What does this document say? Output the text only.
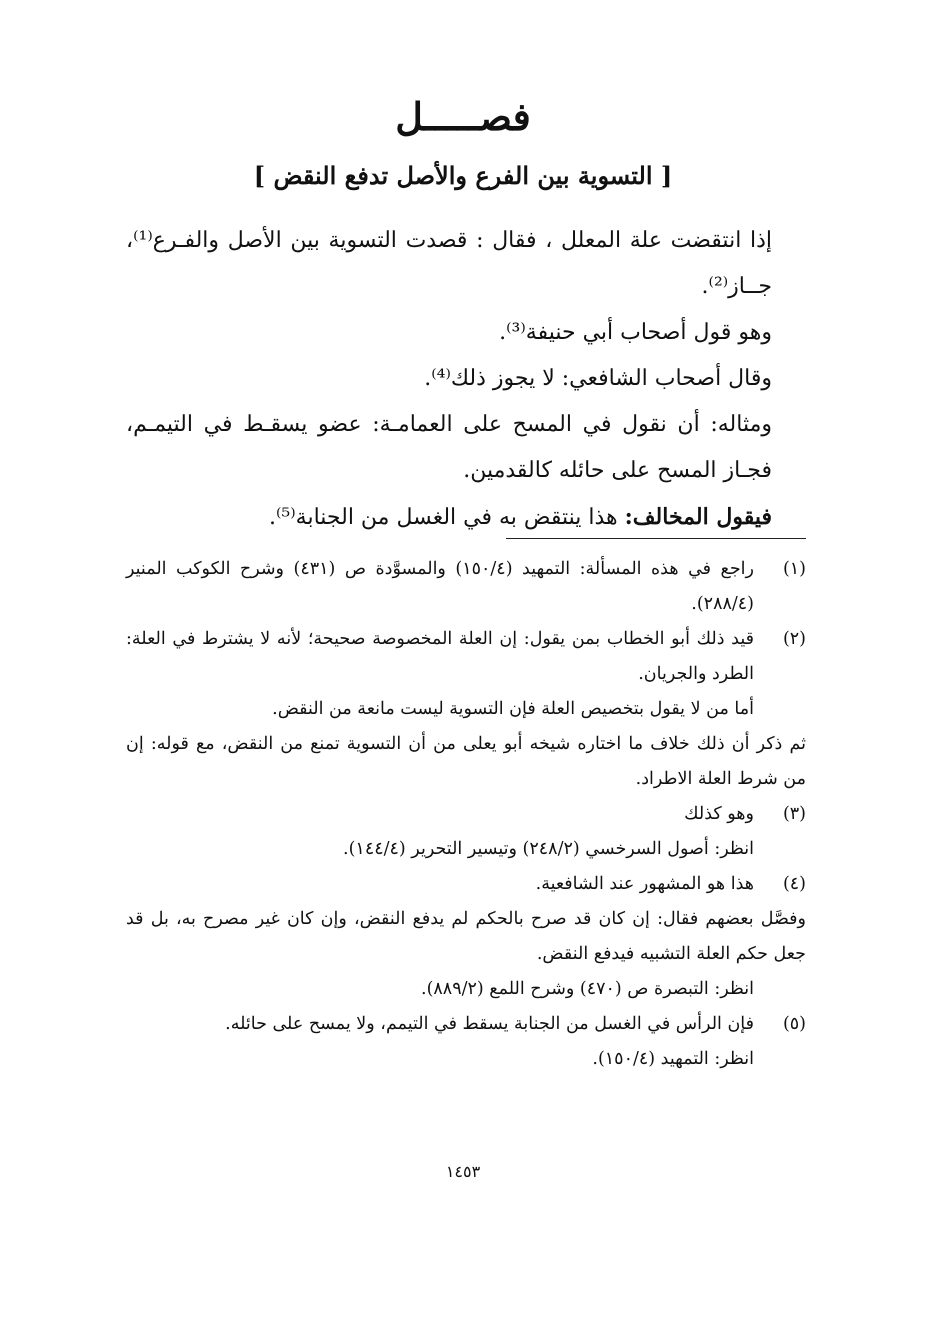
فصـــــل
[ التسوية بين الفرع والأصل تدفع النقض ]

إذا انتقضت علة المعلل ، فقال : قصدت التسوية بين الأصل والفـرع⁽¹⁾، جــاز⁽²⁾.

وهو قول أصحاب أبي حنيفة⁽³⁾.

وقال أصحاب الشافعي: لا يجوز ذلك⁽⁴⁾.

ومثاله: أن نقول في المسح على العمامـة: عضو يسقـط في التيمـم، فجـاز المسح على حائله كالقدمين.

فيقول المخالف: هذا ينتقض به في الغسل من الجنابة⁽⁵⁾.

(١)

راجع في هذه المسألة: التمهيد (١٥٠/٤) والمسوَّدة ص (٤٣١) وشرح الكوكب المنير (٢٨٨/٤).

(٢)

قيد ذلك أبو الخطاب بمن يقول: إن العلة المخصوصة صحيحة؛ لأنه لا يشترط في العلة: الطرد والجريان.

أما من لا يقول بتخصيص العلة فإن التسوية ليست مانعة من النقض.

ثم ذكر أن ذلك خلاف ما اختاره شيخه أبو يعلى من أن التسوية تمنع من النقض، مع قوله: إن من شرط العلة الاطراد.

(٣)

وهو كذلك

انظر: أصول السرخسي (٢٤٨/٢) وتيسير التحرير (١٤٤/٤).

(٤)

هذا هو المشهور عند الشافعية.

وفصَّل بعضهم فقال: إن كان قد صرح بالحكم لم يدفع النقض، وإن كان غير مصرح به، بل قد جعل حكم العلة التشبيه فيدفع النقض.

انظر: التبصرة ص (٤٧٠) وشرح اللمع (٨٨٩/٢).

(٥)

فإن الرأس في الغسل من الجنابة يسقط في التيمم، ولا يمسح على حائله.

انظر: التمهيد (١٥٠/٤).

١٤٥٣
